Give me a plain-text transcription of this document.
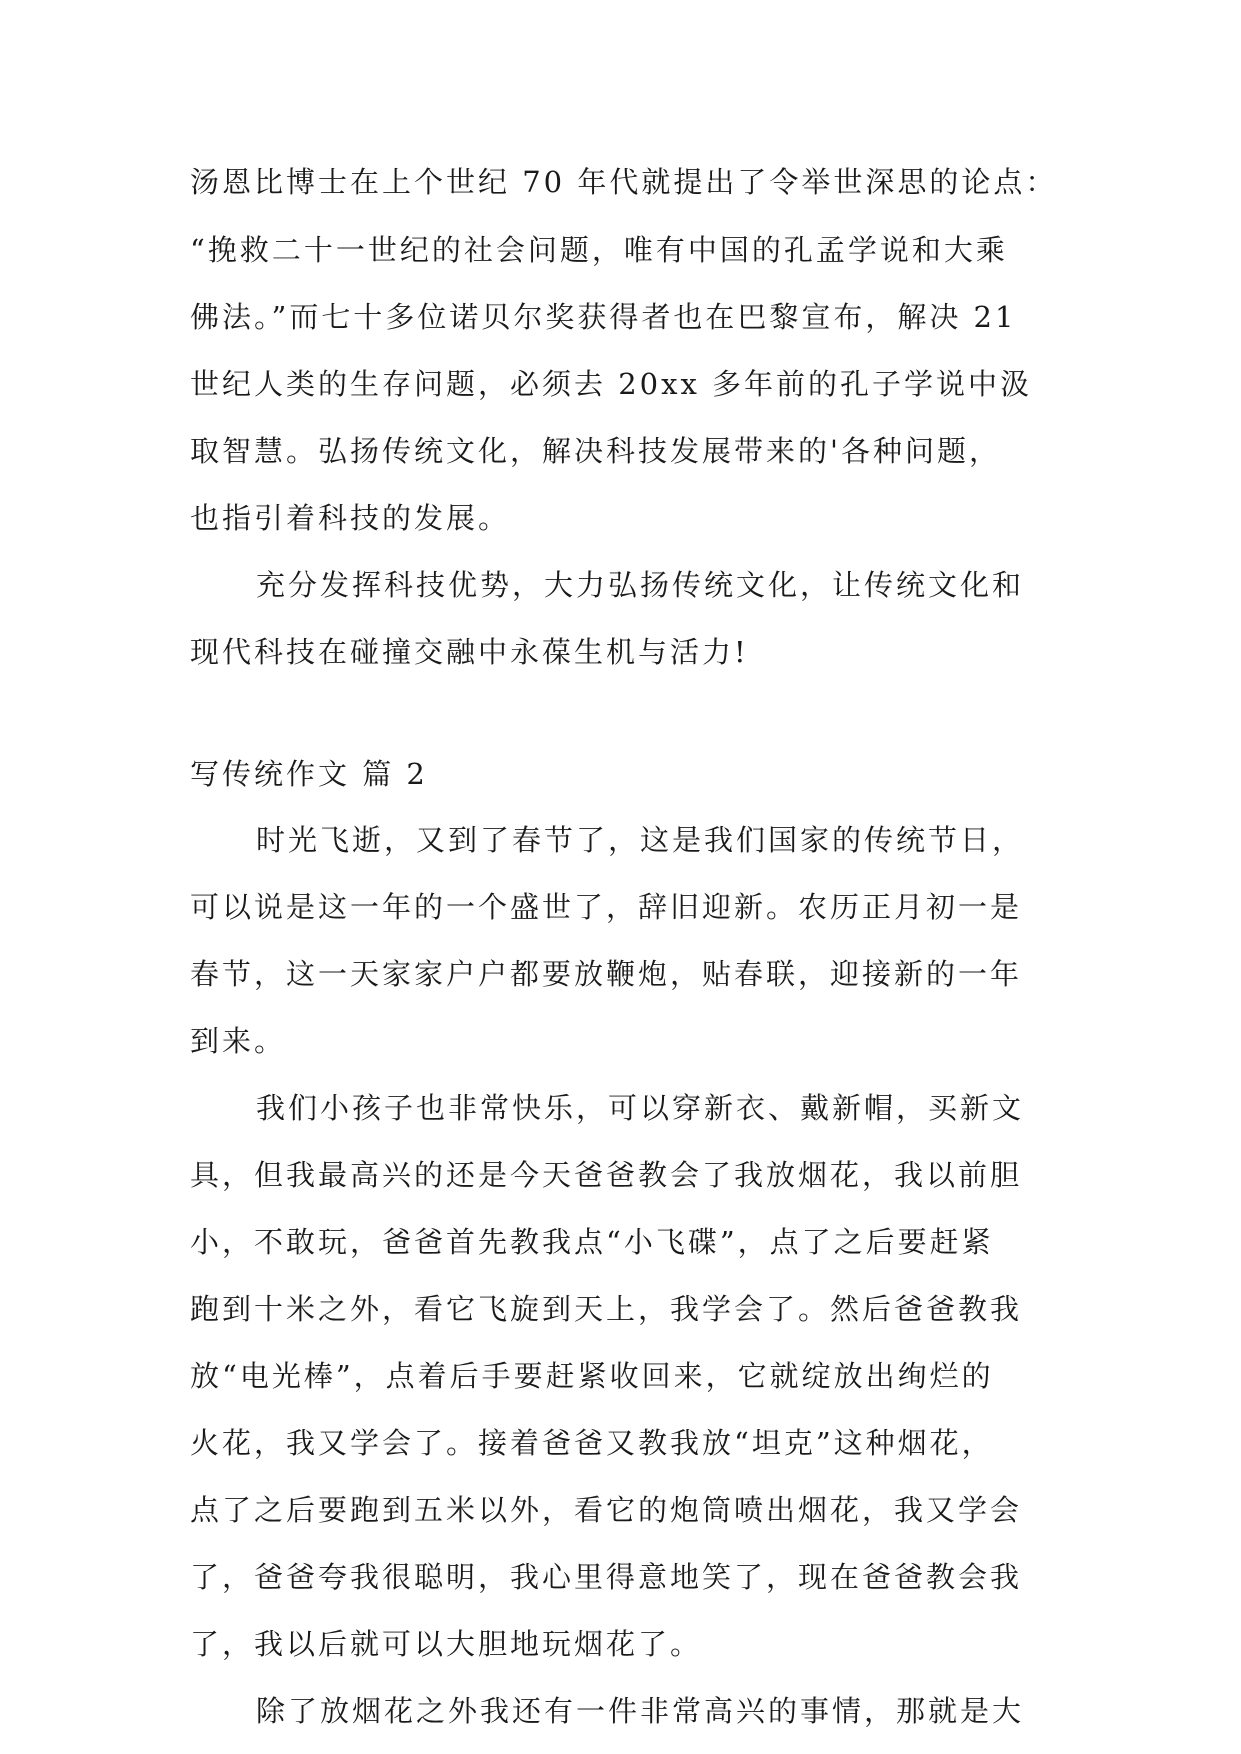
汤恩比博士在上个世纪 70 年代就提出了令举世深思的论点：
“挽救二十一世纪的社会问题，唯有中国的孔孟学说和大乘
佛法。”而七十多位诺贝尔奖获得者也在巴黎宣布，解决 21
世纪人类的生存问题，必须去 20xx 多年前的孔子学说中汲
取智慧。弘扬传统文化，解决科技发展带来的'各种问题，
也指引着科技的发展。
充分发挥科技优势，大力弘扬传统文化，让传统文化和
现代科技在碰撞交融中永葆生机与活力!
写传统作文 篇 2
时光飞逝，又到了春节了，这是我们国家的传统节日，
可以说是这一年的一个盛世了，辞旧迎新。农历正月初一是
春节，这一天家家户户都要放鞭炮，贴春联，迎接新的一年
到来。
我们小孩子也非常快乐，可以穿新衣、戴新帽，买新文
具，但我最高兴的还是今天爸爸教会了我放烟花，我以前胆
小，不敢玩，爸爸首先教我点“小飞碟”，点了之后要赶紧
跑到十米之外，看它飞旋到天上，我学会了。然后爸爸教我
放“电光棒”，点着后手要赶紧收回来，它就绽放出绚烂的
火花，我又学会了。接着爸爸又教我放“坦克”这种烟花，
点了之后要跑到五米以外，看它的炮筒喷出烟花，我又学会
了，爸爸夸我很聪明，我心里得意地笑了，现在爸爸教会我
了，我以后就可以大胆地玩烟花了。
除了放烟花之外我还有一件非常高兴的事情，那就是大
